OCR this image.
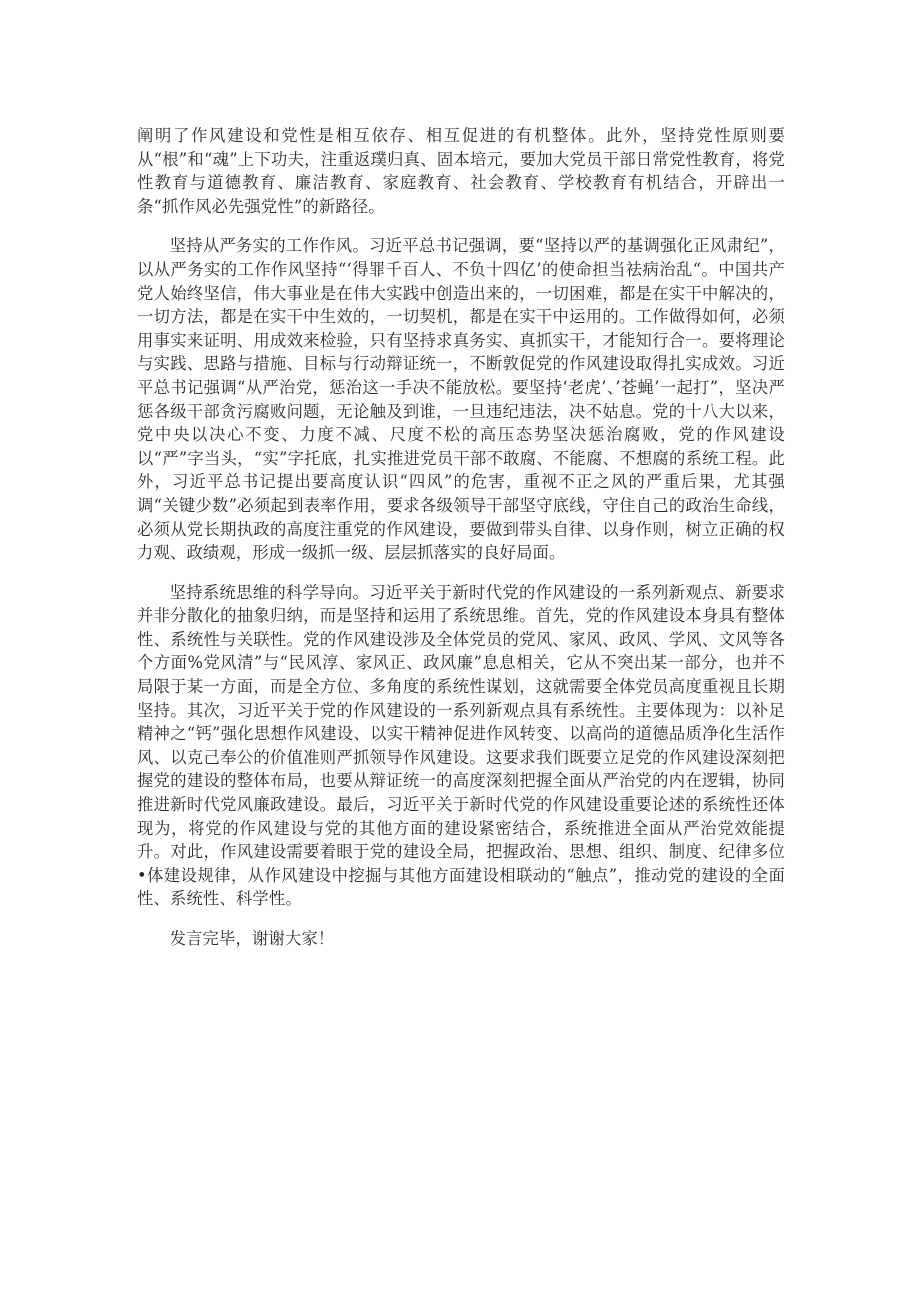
阐明了作风建设和党性是相互依存、相互促进的有机整体。此外，坚持党性原则要从“根”和“魂”上下功夫，注重返璞归真、固本培元，要加大党员干部日常党性教育，将党性教育与道德教育、廉洁教育、家庭教育、社会教育、学校教育有机结合，开辟出一条“抓作风必先强党性”的新路径。

坚持从严务实的工作作风。习近平总书记强调，要“坚持以严的基调强化正风肃纪”，以从严务实的工作作风坚持“‘得罪千百人、不负十四亿’的使命担当祛病治乱“。中国共产党人始终坚信，伟大事业是在伟大实践中创造出来的，一切困难，都是在实干中解决的，一切方法，都是在实干中生效的，一切契机，都是在实干中运用的。工作做得如何，必须用事实来证明、用成效来检验，只有坚持求真务实、真抓实干，才能知行合一。要将理论与实践、思路与措施、目标与行动辩证统一，不断敦促党的作风建设取得扎实成效。习近平总书记强调“从严治党，惩治这一手决不能放松。要坚持‘老虎’、’苍蝇’一起打”，坚决严惩各级干部贪污腐败问题，无论触及到谁，一旦违纪违法，决不姑息。党的十八大以来，党中央以决心不变、力度不减、尺度不松的高压态势坚决惩治腐败，党的作风建设以“严”字当头，“实”字托底，扎实推进党员干部不敢腐、不能腐、不想腐的系统工程。此外，习近平总书记提出要高度认识“四风”的危害，重视不正之风的严重后果，尤其强调“关键少数”必须起到表率作用，要求各级领导干部坚守底线，守住自己的政治生命线，必须从党长期执政的高度注重党的作风建设，要做到带头自律、以身作则，树立正确的权力观、政绩观，形成一级抓一级、层层抓落实的良好局面。

坚持系统思维的科学导向。习近平关于新时代党的作风建设的一系列新观点、新要求并非分散化的抽象归纳，而是坚持和运用了系统思维。首先，党的作风建设本身具有整体性、系统性与关联性。党的作风建设涉及全体党员的党风、家风、政风、学风、文风等各个方面%党风清”与“民风淳、家风正、政风廉”息息相关，它从不突出某一部分，也并不局限于某一方面，而是全方位、多角度的系统性谋划，这就需要全体党员高度重视且长期坚持。其次，习近平关于党的作风建设的一系列新观点具有系统性。主要体现为：以补足精神之“钙”强化思想作风建设、以实干精神促进作风转变、以高尚的道德品质净化生活作风、以克己奉公的价值准则严抓领导作风建设。这要求我们既要立足党的作风建设深刻把握党的建设的整体布局，也要从辩证统一的高度深刻把握全面从严治党的内在逻辑，协同推进新时代党风廉政建设。最后，习近平关于新时代党的作风建设重要论述的系统性还体现为，将党的作风建设与党的其他方面的建设紧密结合，系统推进全面从严治党效能提升。对此，作风建设需要着眼于党的建设全局，把握政治、思想、组织、制度、纪律多位•体建设规律，从作风建设中挖掘与其他方面建设相联动的“触点”，推动党的建设的全面性、系统性、科学性。

发言完毕，谢谢大家！
